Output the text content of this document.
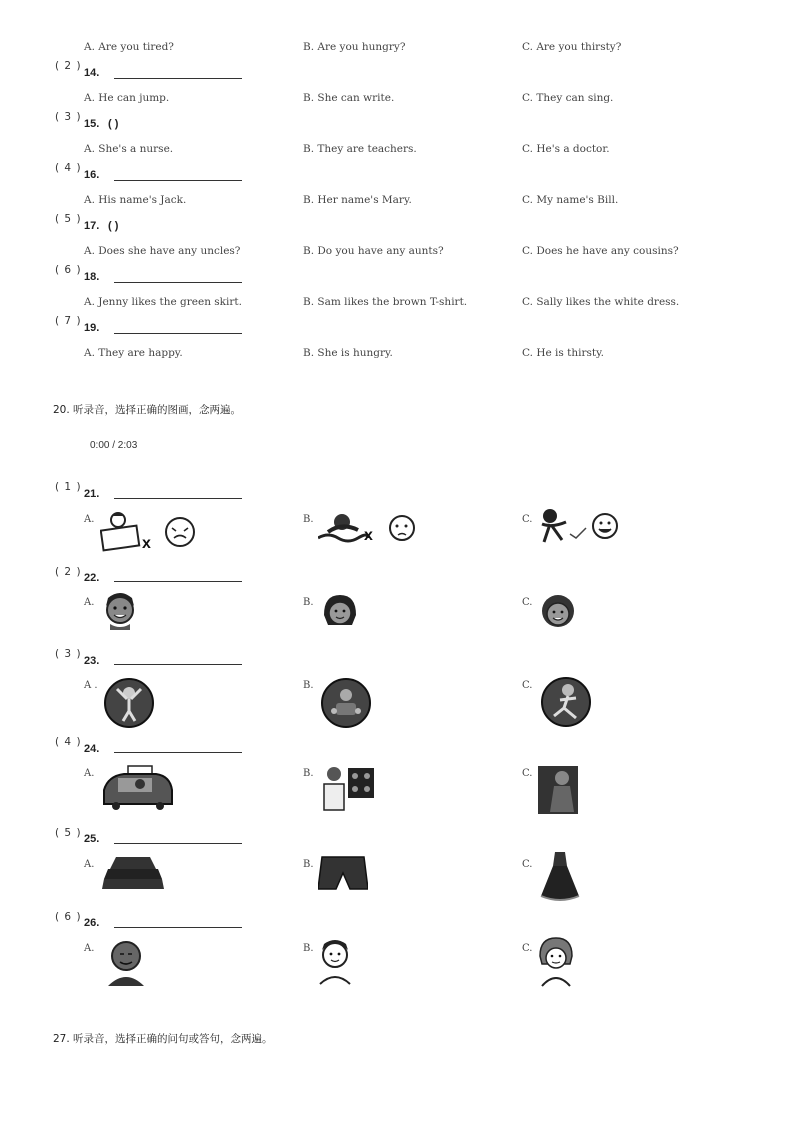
A. Are you tired?	B. Are you hungry?	C. Are you thirsty?
( 2 )
14.
A. He can jump.	B. She can write.	C. They can sing.
( 3 )
15. ( )
A. She's a nurse.	B. They are teachers.	C. He's a doctor.
( 4 )
16.
A. His name's Jack.	B. Her name's Mary.	C. My name's Bill.
( 5 )
17. ( )
A. Does she have any uncles?	B. Do you have any aunts?	C. Does he have any cousins?
( 6 )
18.
A. Jenny likes the green skirt.	B. Sam likes the brown T-shirt.	C. Sally likes the white dress.
( 7 )
19.
A. They are happy.	B. She is hungry.	C. He is thirsty.
20. 听录音，选择正确的图画，念两遍。
0:00 / 2:03
( 1 )
21.
A.	B.	C.
x	x
( 2 ) 22.
A.	B.	C.
( 3 )
23.
A .	B.	C.
( 4 )
24.
A.	B.	C.
( 5 ) 25.
A.	B.	C.
( 6 ) 26.
A.	B.	C.
27. 听录音，选择正确的问句或答句，念两遍。
